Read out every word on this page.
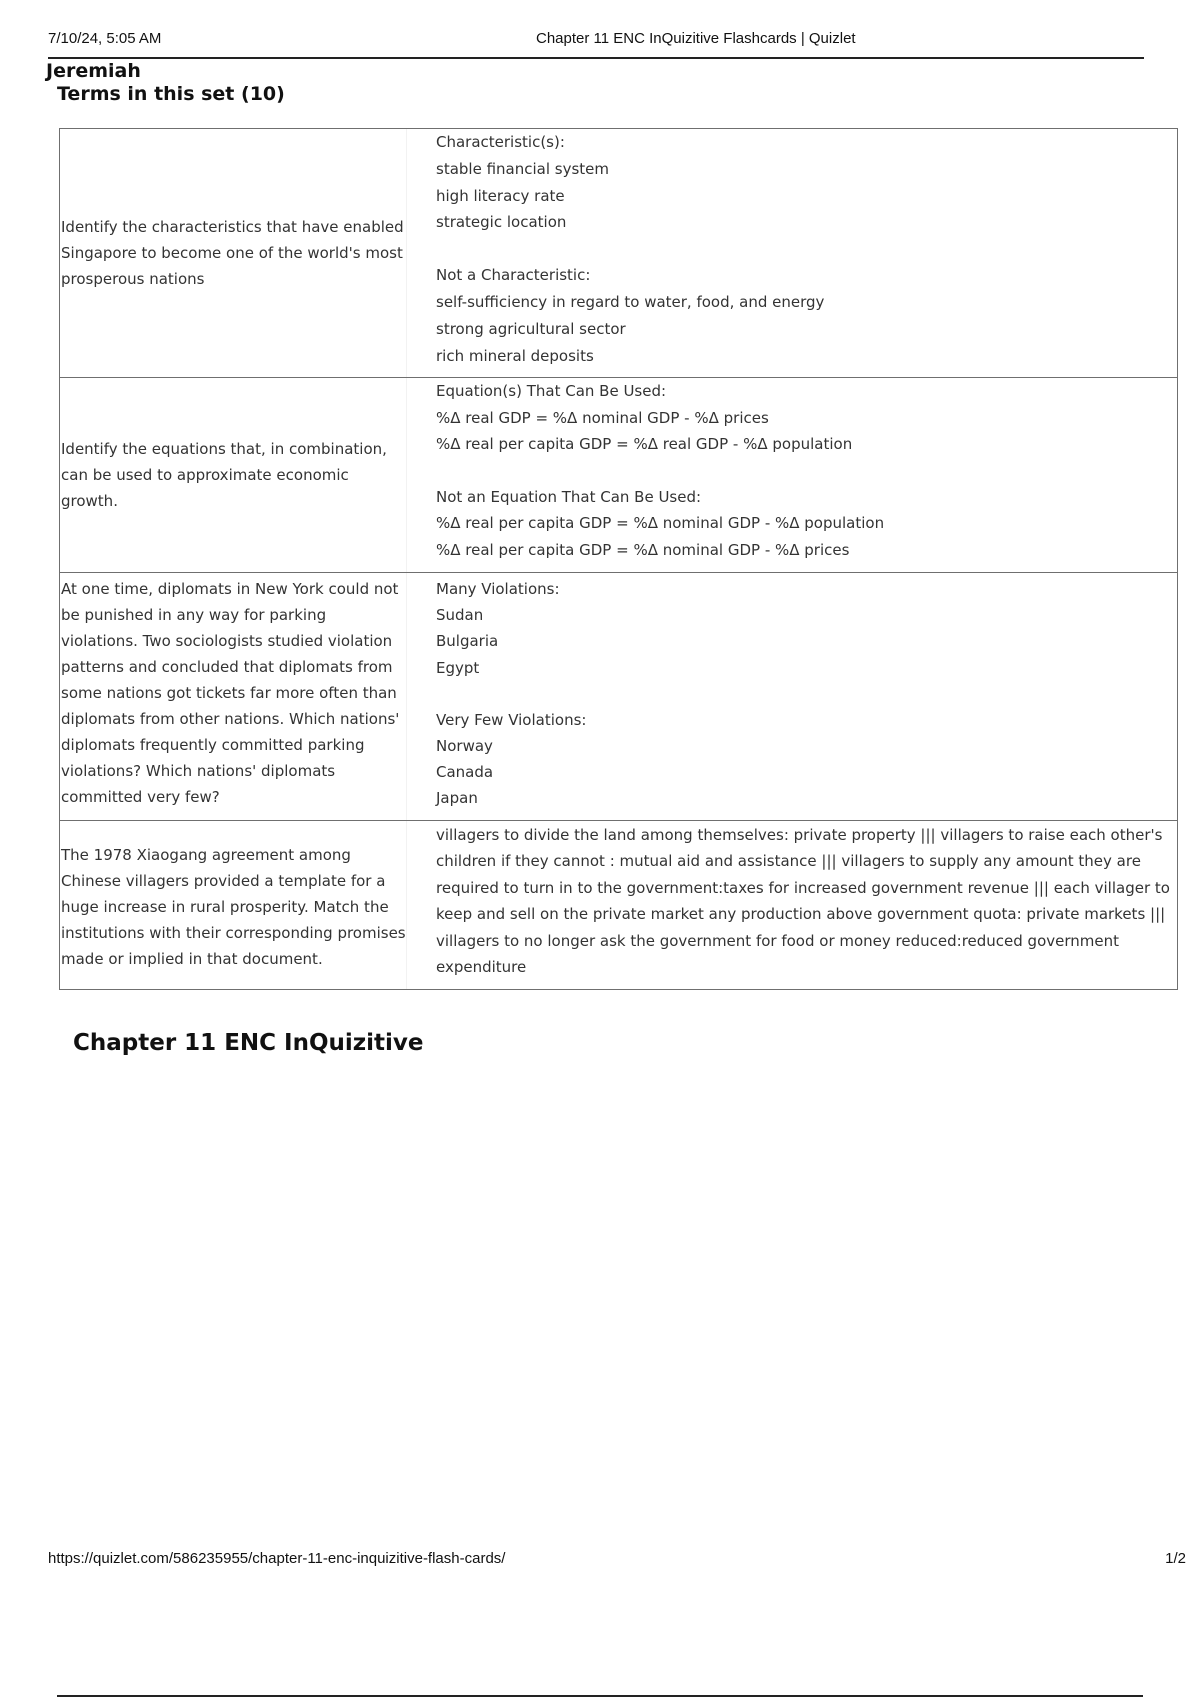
7/10/24, 5:05 AM	Chapter 11 ENC InQuizitive Flashcards | Quizlet
Jeremiah
Terms in this set (10)
Identify the characteristics that have enabled Singapore to become one of the world's most prosperous nations
Characteristic(s):
stable financial system
high literacy rate
strategic location
Not a Characteristic:
self-sufficiency in regard to water, food, and energy
strong agricultural sector
rich mineral deposits
Identify the equations that, in combination, can be used to approximate economic growth.
Equation(s) That Can Be Used:
%Δ real GDP = %Δ nominal GDP - %Δ prices
%Δ real per capita GDP = %Δ real GDP - %Δ population
Not an Equation That Can Be Used:
%Δ real per capita GDP = %Δ nominal GDP - %Δ population
%Δ real per capita GDP = %Δ nominal GDP - %Δ prices
At one time, diplomats in New York could not be punished in any way for parking violations. Two sociologists studied violation patterns and concluded that diplomats from some nations got tickets far more often than diplomats from other nations. Which nations' diplomats frequently committed parking violations? Which nations' diplomats committed very few?
Many Violations:
Sudan
Bulgaria
Egypt
Very Few Violations:
Norway
Canada
Japan
The 1978 Xiaogang agreement among Chinese villagers provided a template for a huge increase in rural prosperity. Match the institutions with their corresponding promises made or implied in that document.
villagers to divide the land among themselves: private property ||| villagers to raise each other's children if they cannot : mutual aid and assistance ||| villagers to supply any amount they are required to turn in to the government:taxes for increased government revenue ||| each villager to keep and sell on the private market any production above government quota: private markets ||| villagers to no longer ask the government for food or money reduced:reduced government expenditure
Chapter 11 ENC InQuizitive
https://quizlet.com/586235955/chapter-11-enc-inquizitive-flash-cards/	1/2
